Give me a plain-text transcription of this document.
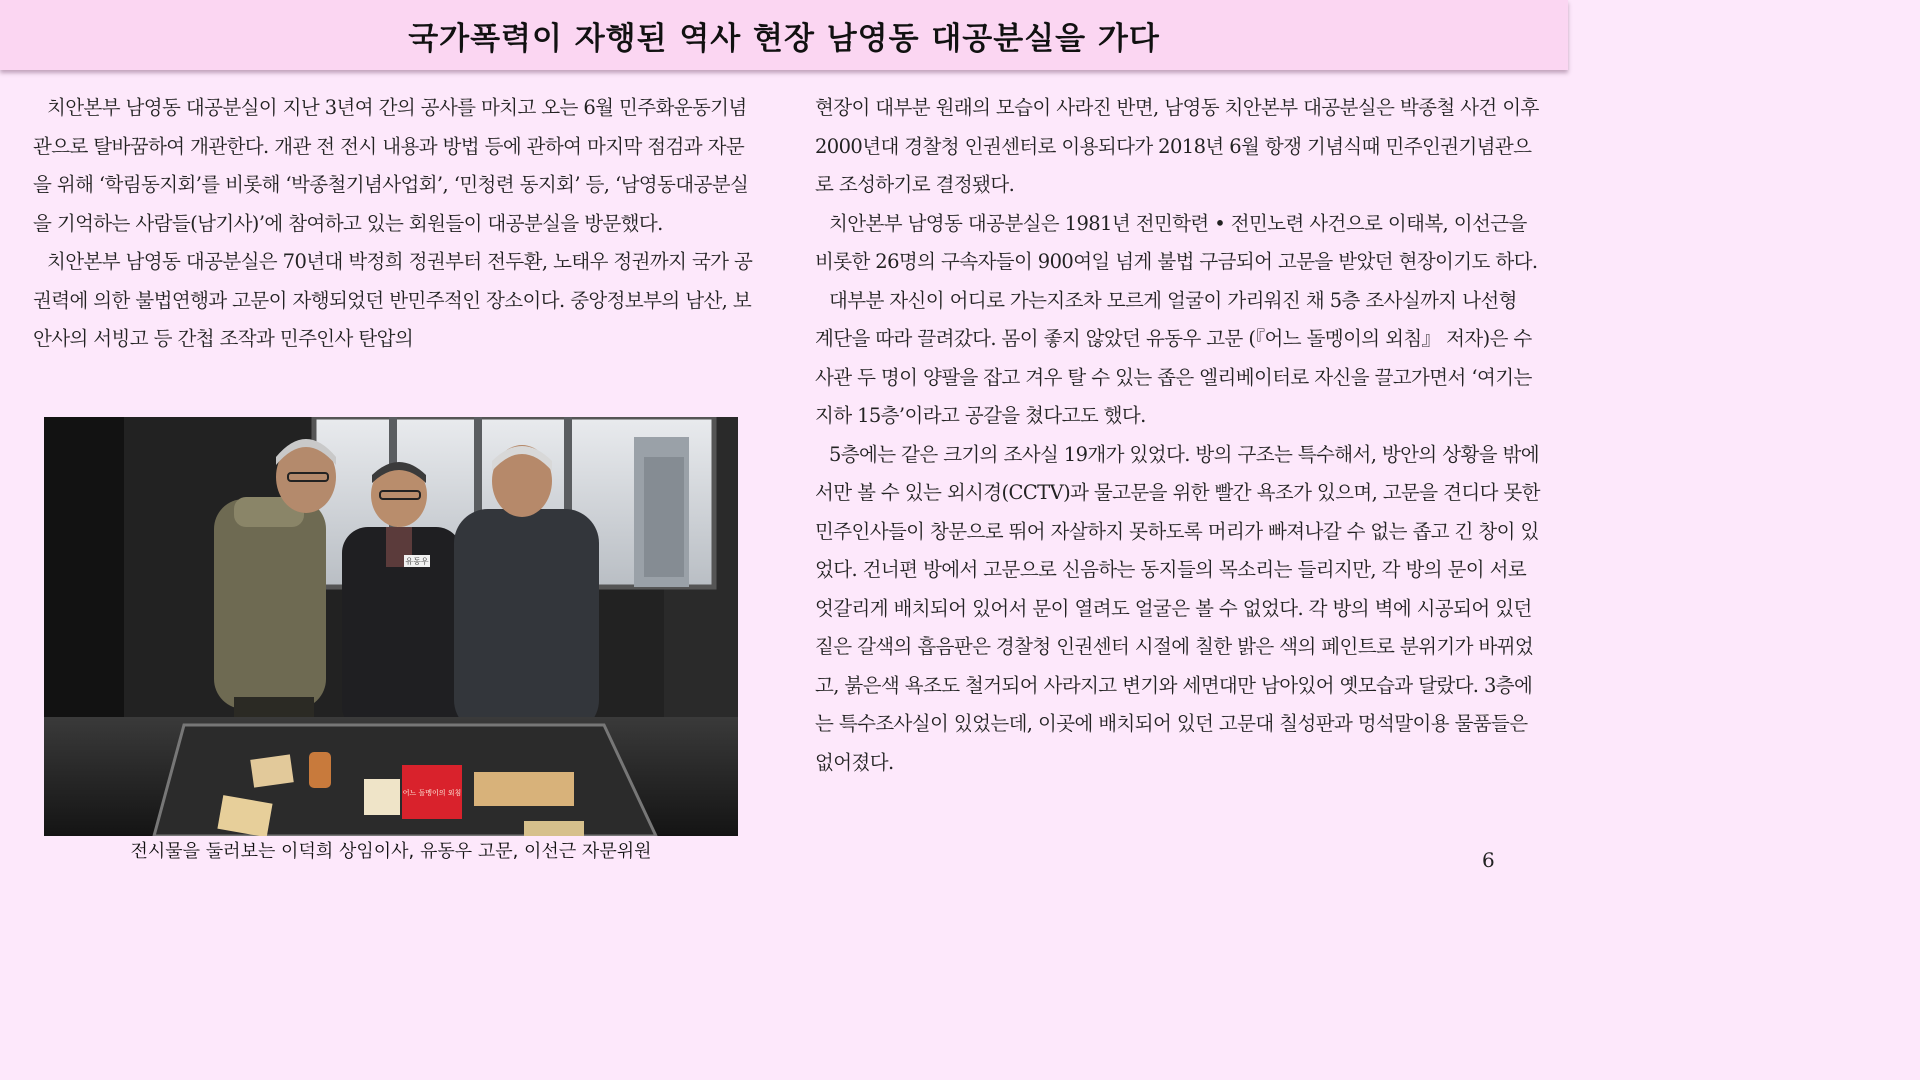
국가폭력이 자행된 역사 현장 남영동 대공분실을 가다

치안본부 남영동 대공분실이 지난 3년여 간의 공사를 마치고 오는 6월 민주화운동기념관으로 탈바꿈하여 개관한다. 개관 전 전시 내용과 방법 등에 관하여 마지막 점검과 자문을 위해 ‘학림동지회’를 비롯해 ‘박종철기념사업회’, ‘민청련 동지회’ 등, ‘남영동대공분실을 기억하는 사람들(남기사)’에 참여하고 있는 회원들이 대공분실을 방문했다.

치안본부 남영동 대공분실은 70년대 박정희 정권부터 전두환, 노태우 정권까지 국가 공권력에 의한 불법연행과 고문이 자행되었던 반민주적인 장소이다. 중앙정보부의 남산, 보안사의 서빙고 등 간첩 조작과 민주인사 탄압의

유동우
어느 돌멩이의 외침
전시물을 둘러보는 이덕희 상임이사, 유동우 고문, 이선근 자문위원

현장이 대부분 원래의 모습이 사라진 반면, 남영동 치안본부 대공분실은 박종철 사건 이후 2000년대 경찰청 인권센터로 이용되다가 2018년 6월 항쟁 기념식때 민주인권기념관으로 조성하기로 결정됐다.

치안본부 남영동 대공분실은 1981년 전민학련 • 전민노련 사건으로 이태복, 이선근을 비롯한 26명의 구속자들이 900여일 넘게 불법 구금되어 고문을 받았던 현장이기도 하다.

대부분 자신이 어디로 가는지조차 모르게 얼굴이 가리워진 채 5층 조사실까지 나선형 계단을 따라 끌려갔다. 몸이 좋지 않았던 유동우 고문 (『어느 돌멩이의 외침』 저자)은 수사관 두 명이 양팔을 잡고 겨우 탈 수 있는 좁은 엘리베이터로 자신을 끌고가면서 ‘여기는 지하 15층’이라고 공갈을 쳤다고도 했다.

5층에는 같은 크기의 조사실 19개가 있었다. 방의 구조는 특수해서, 방안의 상황을 밖에서만 볼 수 있는 외시경(CCTV)과 물고문을 위한 빨간 욕조가 있으며, 고문을 견디다 못한 민주인사들이 창문으로 뛰어 자살하지 못하도록 머리가 빠져나갈 수 없는 좁고 긴 창이 있었다. 건너편 방에서 고문으로 신음하는 동지들의 목소리는 들리지만, 각 방의 문이 서로 엇갈리게 배치되어 있어서 문이 열려도 얼굴은 볼 수 없었다. 각 방의 벽에 시공되어 있던 짙은 갈색의 흡음판은 경찰청 인권센터 시절에 칠한 밝은 색의 페인트로 분위기가 바뀌었고, 붉은색 욕조도 철거되어 사라지고 변기와 세면대만 남아있어 옛모습과 달랐다. 3층에는 특수조사실이 있었는데, 이곳에 배치되어 있던 고문대 칠성판과 멍석말이용 물품들은 없어졌다.

6
